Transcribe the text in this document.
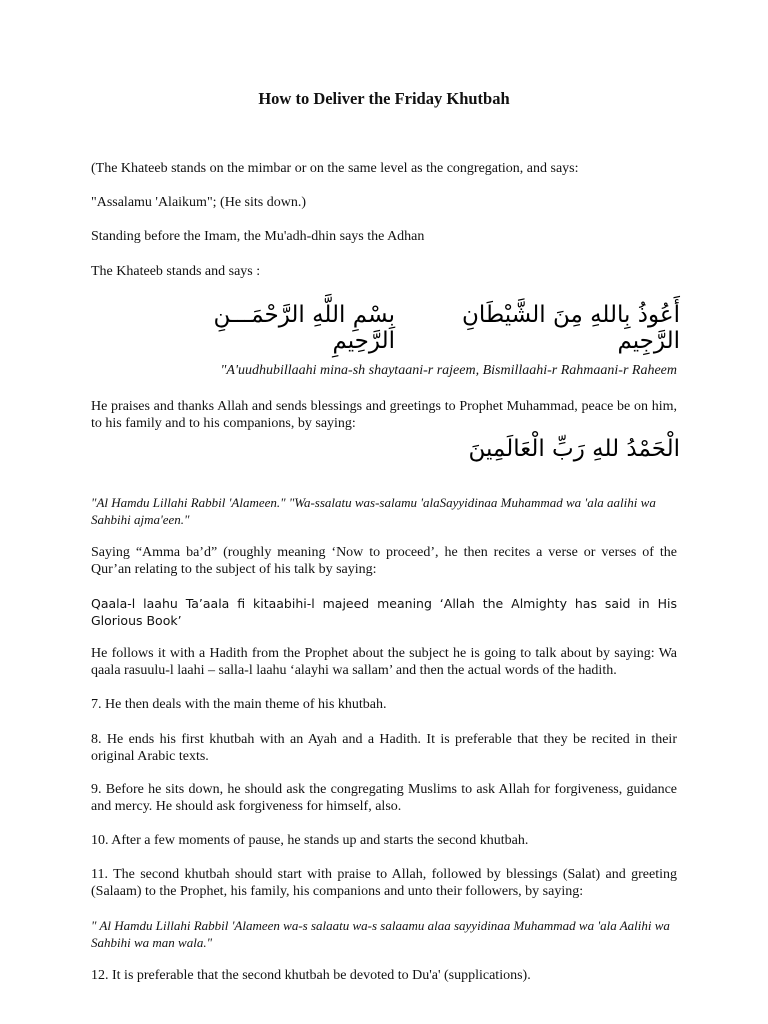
How to Deliver the Friday Khutbah

(The Khateeb stands on the mimbar or on the same level as the congregation, and says:

"Assalamu 'Alaikum"; (He sits down.)

Standing before the Imam, the Mu'adh-dhin says the Adhan

The Khateeb stands and says :

بِسْمِ اللَّهِ الرَّحْمَـــنِ الرَّحِيمِ
أَعُوذُ بِاللهِ مِنَ الشَّيْطَانِ الرَّجِيم

"A'uudhubillaahi mina-sh shaytaani-r rajeem, Bismillaahi-r Rahmaani-r Raheem

He praises and thanks Allah and sends blessings and greetings to Prophet Muhammad, peace be on him, to his family and to his companions, by saying:

الْحَمْدُ للهِ رَبِّ الْعَالَمِينَ

"Al Hamdu Lillahi Rabbil 'Alameen." "Wa-ssalatu was-salamu 'alaSayyidinaa Muhammad wa 'ala aalihi wa Sahbihi ajma'een."

Saying “Amma ba’d” (roughly meaning ‘Now to proceed’, he then recites a verse or verses of the Qur’an relating to the subject of his talk by saying:

Qaala-l laahu Ta’aala fi kitaabihi-l majeed meaning ‘Allah the Almighty has said in His Glorious Book’

He follows it with a Hadith from the Prophet about the subject he is going to talk about by saying: Wa qaala rasuulu-l laahi – salla-l laahu ‘alayhi wa sallam’ and then the actual words of the hadith.

7. He then deals with the main theme of his khutbah.

8. He ends his first khutbah with an Ayah and a Hadith. It is preferable that they be recited in their original Arabic texts.

9. Before he sits down, he should ask the congregating Muslims to ask Allah for forgiveness, guidance and mercy. He should ask forgiveness for himself, also.

10. After a few moments of pause, he stands up and starts the second khutbah.

11. The second khutbah should start with praise to Allah, followed by blessings (Salat) and greeting (Salaam) to the Prophet, his family, his companions and unto their followers, by saying:

" Al Hamdu Lillahi Rabbil 'Alameen wa-s salaatu wa-s salaamu alaa sayyidinaa Muhammad wa 'ala Aalihi wa Sahbihi wa man wala."

12. It is preferable that the second khutbah be devoted to Du'a' (supplications).
